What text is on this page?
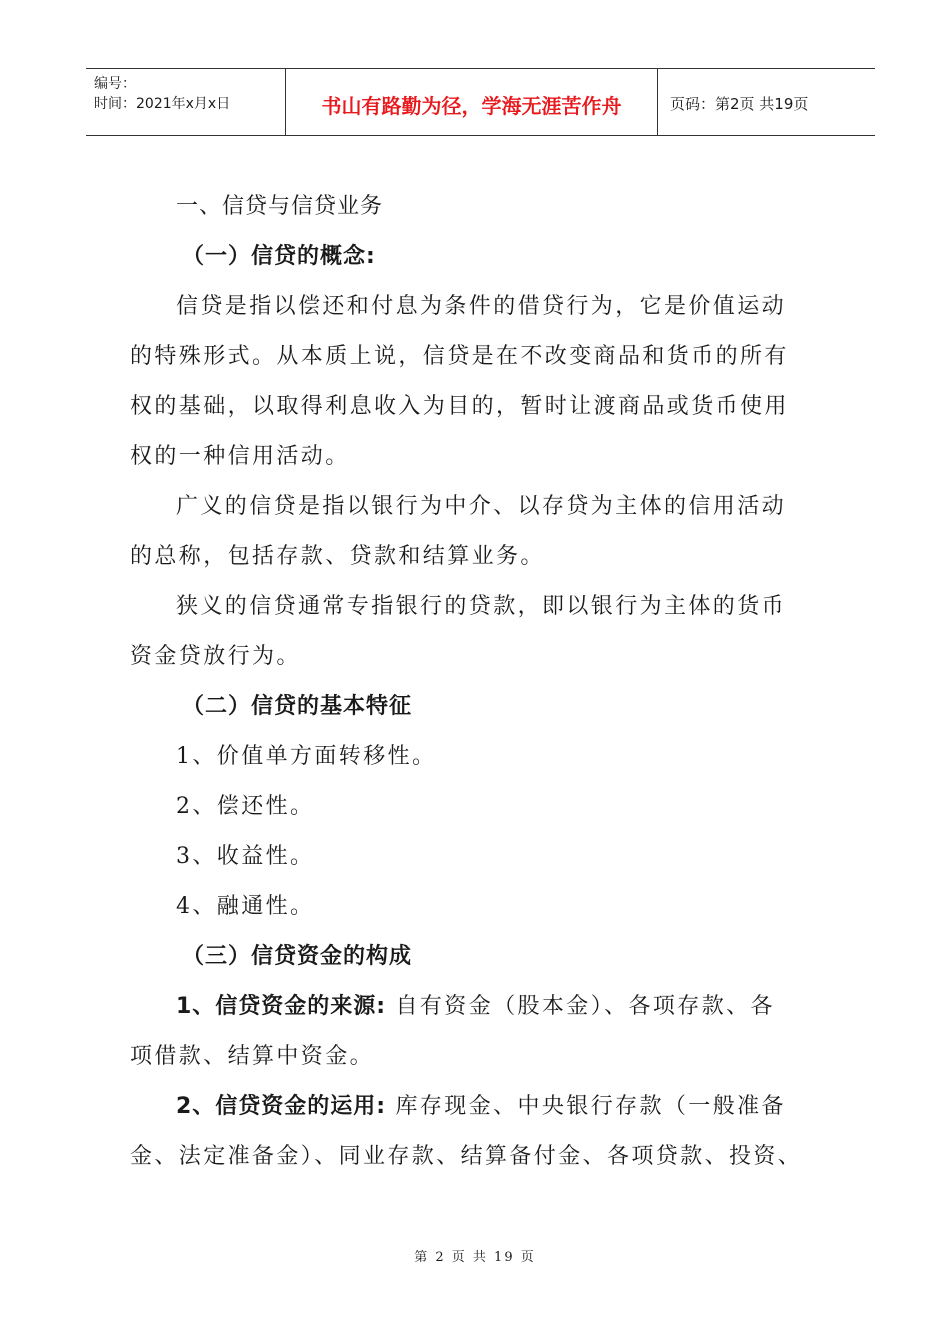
编号：
时间：2021年x月x日	书山有路勤为径，学海无涯苦作舟	页码：第2页 共19页

一、信贷与信贷业务

（一）信贷的概念:

信贷是指以偿还和付息为条件的借贷行为，它是价值运动

的特殊形式。从本质上说，信贷是在不改变商品和货币的所有

权的基础，以取得利息收入为目的，暂时让渡商品或货币使用

权的一种信用活动。

广义的信贷是指以银行为中介、以存贷为主体的信用活动

的总称，包括存款、贷款和结算业务。

狭义的信贷通常专指银行的贷款，即以银行为主体的货币

资金贷放行为。

（二）信贷的基本特征

1、价值单方面转移性。

2、偿还性。

3、收益性。

4、融通性。

（三）信贷资金的构成

1、信贷资金的来源: 自有资金（股本金）、各项存款、各

项借款、结算中资金。

2、信贷资金的运用: 库存现金、中央银行存款（一般准备

金、法定准备金）、同业存款、结算备付金、各项贷款、投资、

第 2 页 共 19 页
